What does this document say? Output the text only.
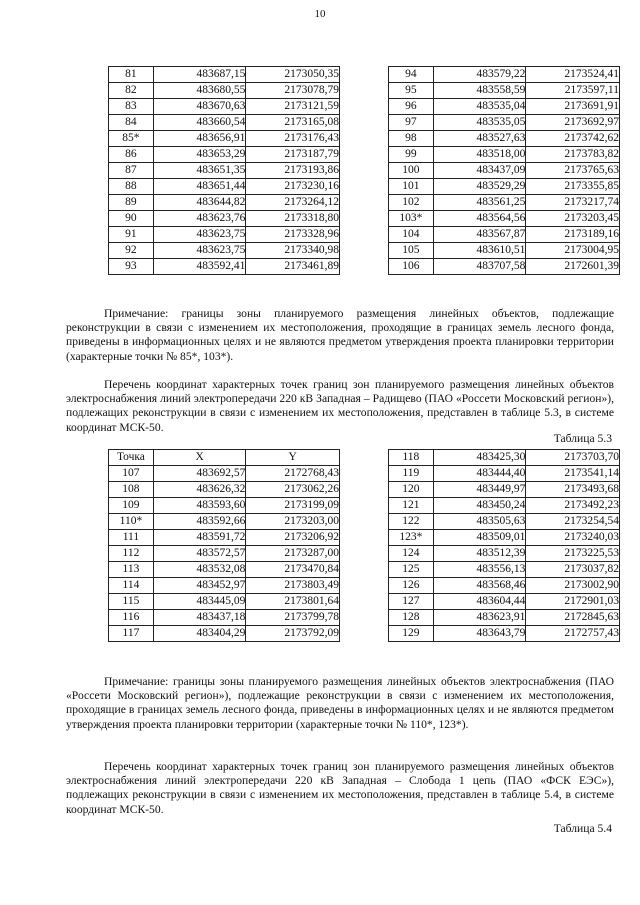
10
81	483687,15	2173050,35
82	483680,55	2173078,79
83	483670,63	2173121,59
84	483660,54	2173165,08
85*	483656,91	2173176,43
86	483653,29	2173187,79
87	483651,35	2173193,86
88	483651,44	2173230,16
89	483644,82	2173264,12
90	483623,76	2173318,80
91	483623,75	2173328,96
92	483623,75	2173340,98
93	483592,41	2173461,89
94	483579,22	2173524,41
95	483558,59	2173597,11
96	483535,04	2173691,91
97	483535,05	2173692,97
98	483527,63	2173742,62
99	483518,00	2173783,82
100	483437,09	2173765,63
101	483529,29	2173355,85
102	483561,25	2173217,74
103*	483564,56	2173203,45
104	483567,87	2173189,16
105	483610,51	2173004,95
106	483707,58	2172601,39
Примечание: границы зоны планируемого размещения линейных объектов, подлежащие реконструкции в связи с изменением их местоположения, проходящие в границах земель лесного фонда, приведены в информационных целях и не являются предметом утверждения проекта планировки территории (характерные точки № 85*, 103*).
Перечень координат характерных точек границ зон планируемого размещения линейных объектов электроснабжения линий электропередачи 220 кВ Западная – Радищево (ПАО «Россети Московский регион»), подлежащих реконструкции в связи с изменением их местоположения, представлен в таблице 5.3, в системе координат МСК-50.
Таблица 5.3
Точка	X	Y
107	483692,57	2172768,43
108	483626,32	2173062,26
109	483593,60	2173199,09
110*	483592,66	2173203,00
111	483591,72	2173206,92
112	483572,57	2173287,00
113	483532,08	2173470,84
114	483452,97	2173803,49
115	483445,09	2173801,64
116	483437,18	2173799,78
117	483404,29	2173792,09
118	483425,30	2173703,70
119	483444,40	2173541,14
120	483449,97	2173493,68
121	483450,24	2173492,23
122	483505,63	2173254,54
123*	483509,01	2173240,03
124	483512,39	2173225,53
125	483556,13	2173037,82
126	483568,46	2173002,90
127	483604,44	2172901,03
128	483623,91	2172845,63
129	483643,79	2172757,43
Примечание: границы зоны планируемого размещения линейных объектов электроснабжения (ПАО «Россети Московский регион»), подлежащие реконструкции в связи с изменением их местоположения, проходящие в границах земель лесного фонда, приведены в информационных целях и не являются предметом утверждения проекта планировки территории (характерные точки № 110*, 123*).
Перечень координат характерных точек границ зон планируемого размещения линейных объектов электроснабжения линий электропередачи 220 кВ Западная – Слобода 1 цепь (ПАО «ФСК ЕЭС»), подлежащих реконструкции в связи с изменением их местоположения, представлен в таблице 5.4, в системе координат МСК-50.
Таблица 5.4
